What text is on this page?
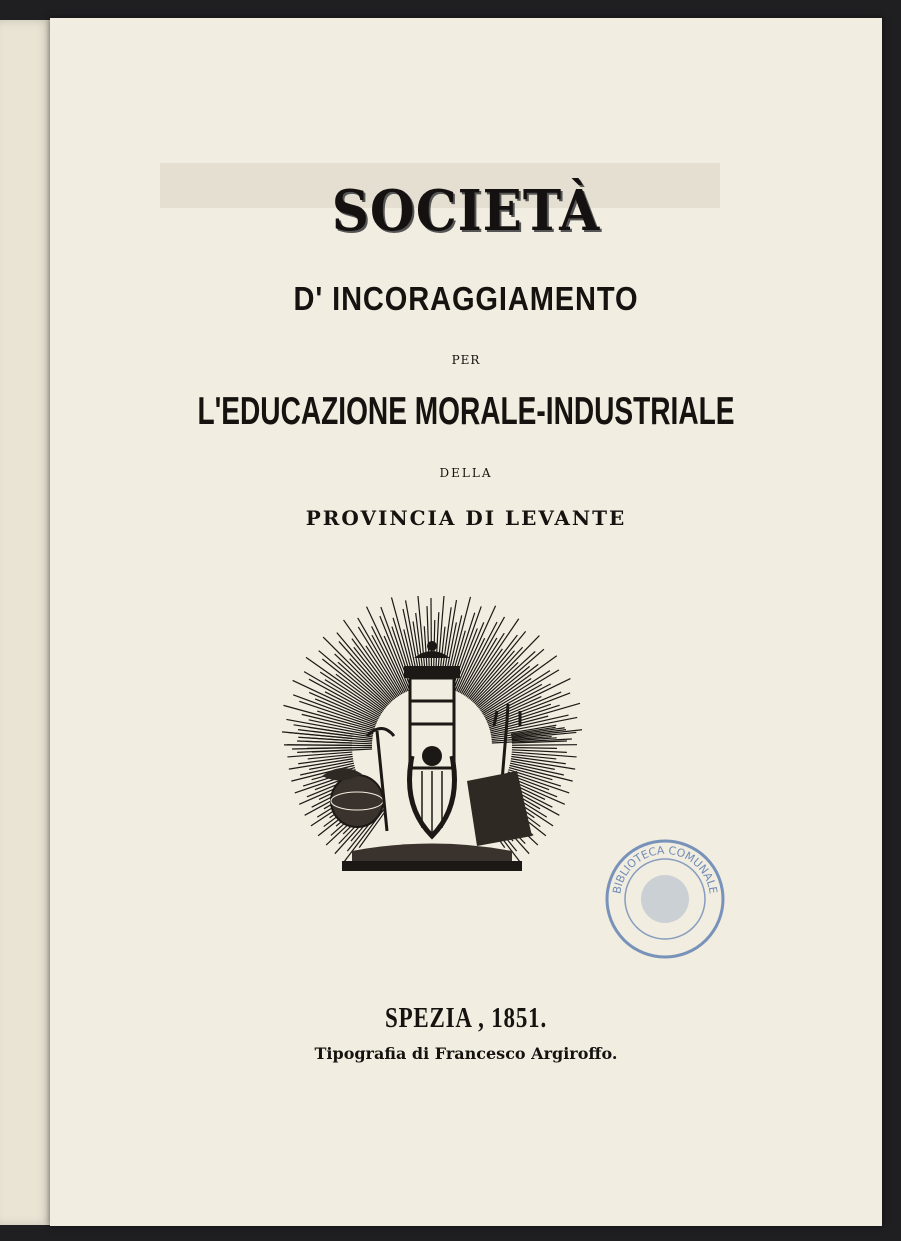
SOCIETÀ
D' INCORAGGIAMENTO
PER
L'EDUCAZIONE MORALE-INDUSTRIALE
DELLA
PROVINCIA DI LEVANTE
BIBLIOTECA COMUNALE
SPEZIA , 1851.
Tipografia di Francesco Argiroffo.
